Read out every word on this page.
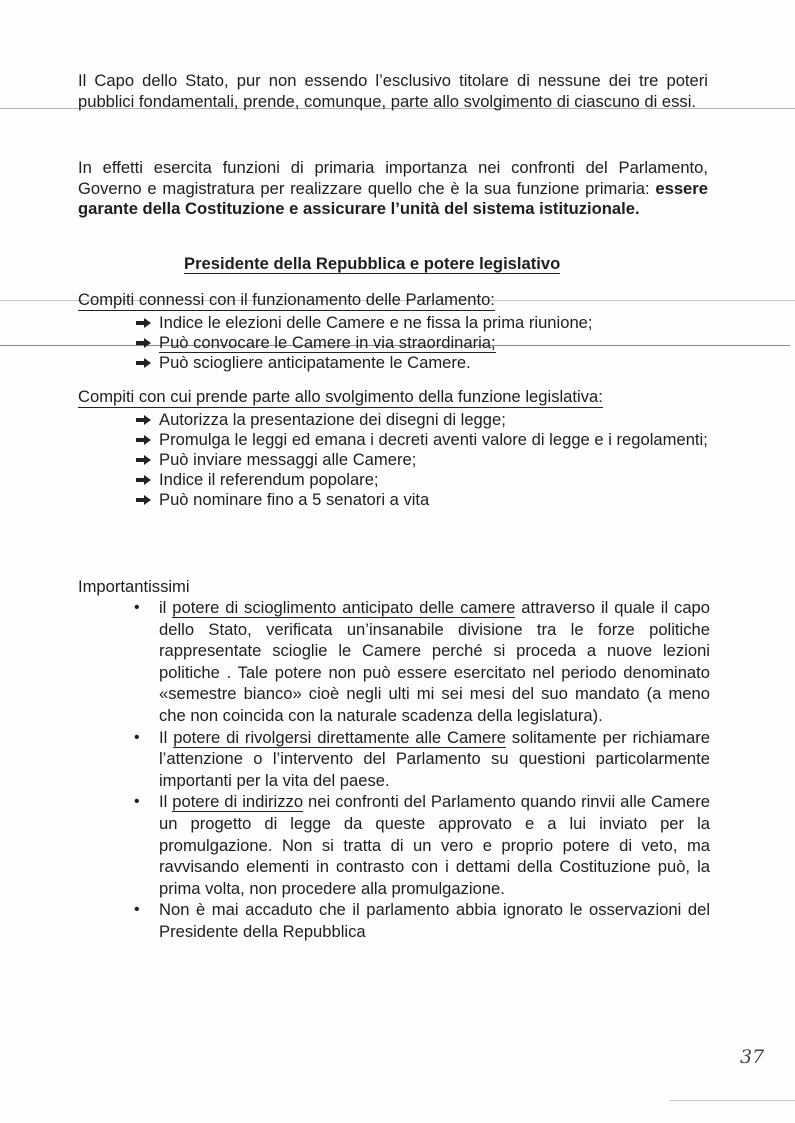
Il Capo dello Stato, pur non essendo l’esclusivo titolare di nessune dei tre poteri pubblici fondamentali, prende, comunque, parte allo svolgimento di ciascuno di essi.

In effetti esercita funzioni di primaria importanza nei confronti del Parlamento, Governo e magistratura per realizzare quello che è la sua funzione primaria: essere garante della Costituzione e assicurare l’unità del sistema istituzionale.

Presidente della Repubblica e potere legislativo
Compiti connessi con il funzionamento delle Parlamento:
Indice le elezioni delle Camere e ne fissa la prima riunione;
Può convocare le Camere in via straordinaria;
Può sciogliere anticipatamente le Camere.
Compiti con cui prende parte allo svolgimento della funzione legislativa:
Autorizza la presentazione dei disegni di legge;
Promulga le leggi ed emana i decreti aventi valore di legge e i regolamenti;
Può inviare messaggi alle Camere;
Indice il referendum popolare;
Può nominare fino a 5 senatori a vita
Importantissimi
• il potere di scioglimento anticipato delle camere attraverso il quale il capo dello Stato, verificata un’insanabile divisione tra le forze politiche rappresentate scioglie le Camere perché si proceda a nuove lezioni politiche . Tale potere non può essere esercitato nel periodo denominato «semestre bianco» cioè negli ulti mi sei mesi del suo mandato (a meno che non coincida con la naturale scadenza della legislatura).
• Il potere di rivolgersi direttamente alle Camere solitamente per richiamare l’attenzione o l’intervento del Parlamento su questioni particolarmente importanti per la vita del paese.
• Il potere di indirizzo nei confronti del Parlamento quando rinvii alle Camere un progetto di legge da queste approvato e a lui inviato per la promulgazione. Non si tratta di un vero e proprio potere di veto, ma ravvisando elementi in contrasto con i dettami della Costituzione può, la prima volta, non procedere alla promulgazione.
• Non è mai accaduto che il parlamento abbia ignorato le osservazioni del Presidente della Repubblica
37
